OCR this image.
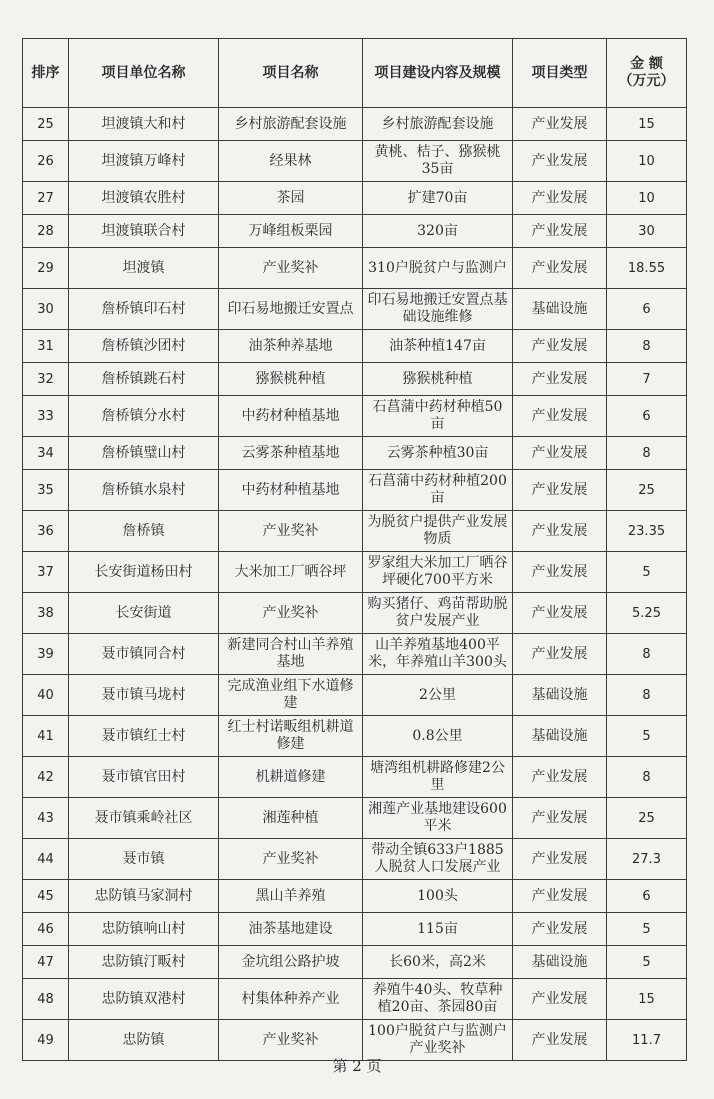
排序	项目单位名称	项目名称	项目建设内容及规模	项目类型	金 额
（万元）

25	坦渡镇大和村	乡村旅游配套设施	乡村旅游配套设施	产业发展	15

26	坦渡镇万峰村	经果林	黄桃、桔子、猕猴桃35亩	产业发展	10

27	坦渡镇农胜村	茶园	扩建70亩	产业发展	10

28	坦渡镇联合村	万峰组板栗园	320亩	产业发展	30

29	坦渡镇	产业奖补	310户脱贫户与监测户	产业发展	18.55

30	詹桥镇印石村	印石易地搬迁安置点	印石易地搬迁安置点基础设施维修	基础设施	6

31	詹桥镇沙团村	油茶种养基地	油茶种植147亩	产业发展	8

32	詹桥镇跳石村	猕猴桃种植	猕猴桃种植	产业发展	7

33	詹桥镇分水村	中药材种植基地	石菖蒲中药材种植50亩	产业发展	6

34	詹桥镇璧山村	云雾茶种植基地	云雾茶种植30亩	产业发展	8

35	詹桥镇水泉村	中药材种植基地	石菖蒲中药材种植200亩	产业发展	25

36	詹桥镇	产业奖补	为脱贫户提供产业发展物质	产业发展	23.35

37	长安街道杨田村	大米加工厂晒谷坪	罗家组大米加工厂晒谷坪硬化700平方米	产业发展	5

38	长安街道	产业奖补	购买猪仔、鸡苗帮助脱贫户发展产业	产业发展	5.25

39	聂市镇同合村	新建同合村山羊养殖基地	山羊养殖基地400平米，年养殖山羊300头	产业发展	8

40	聂市镇马垅村	完成渔业组下水道修建	2公里	基础设施	8

41	聂市镇红士村	红士村诺畈组机耕道修建	0.8公里	基础设施	5

42	聂市镇官田村	机耕道修建	塘湾组机耕路修建2公里	产业发展	8

43	聂市镇乘岭社区	湘莲种植	湘莲产业基地建设600平米	产业发展	25

44	聂市镇	产业奖补	带动全镇633户1885人脱贫人口发展产业	产业发展	27.3

45	忠防镇马家洞村	黑山羊养殖	100头	产业发展	6

46	忠防镇响山村	油茶基地建设	115亩	产业发展	5

47	忠防镇汀畈村	金坑组公路护坡	长60米，高2米	基础设施	5

48	忠防镇双港村	村集体种养产业	养殖牛40头、牧草种植20亩、茶园80亩	产业发展	15

49	忠防镇	产业奖补	100户脱贫户与监测户产业奖补	产业发展	11.7
第 2 页
